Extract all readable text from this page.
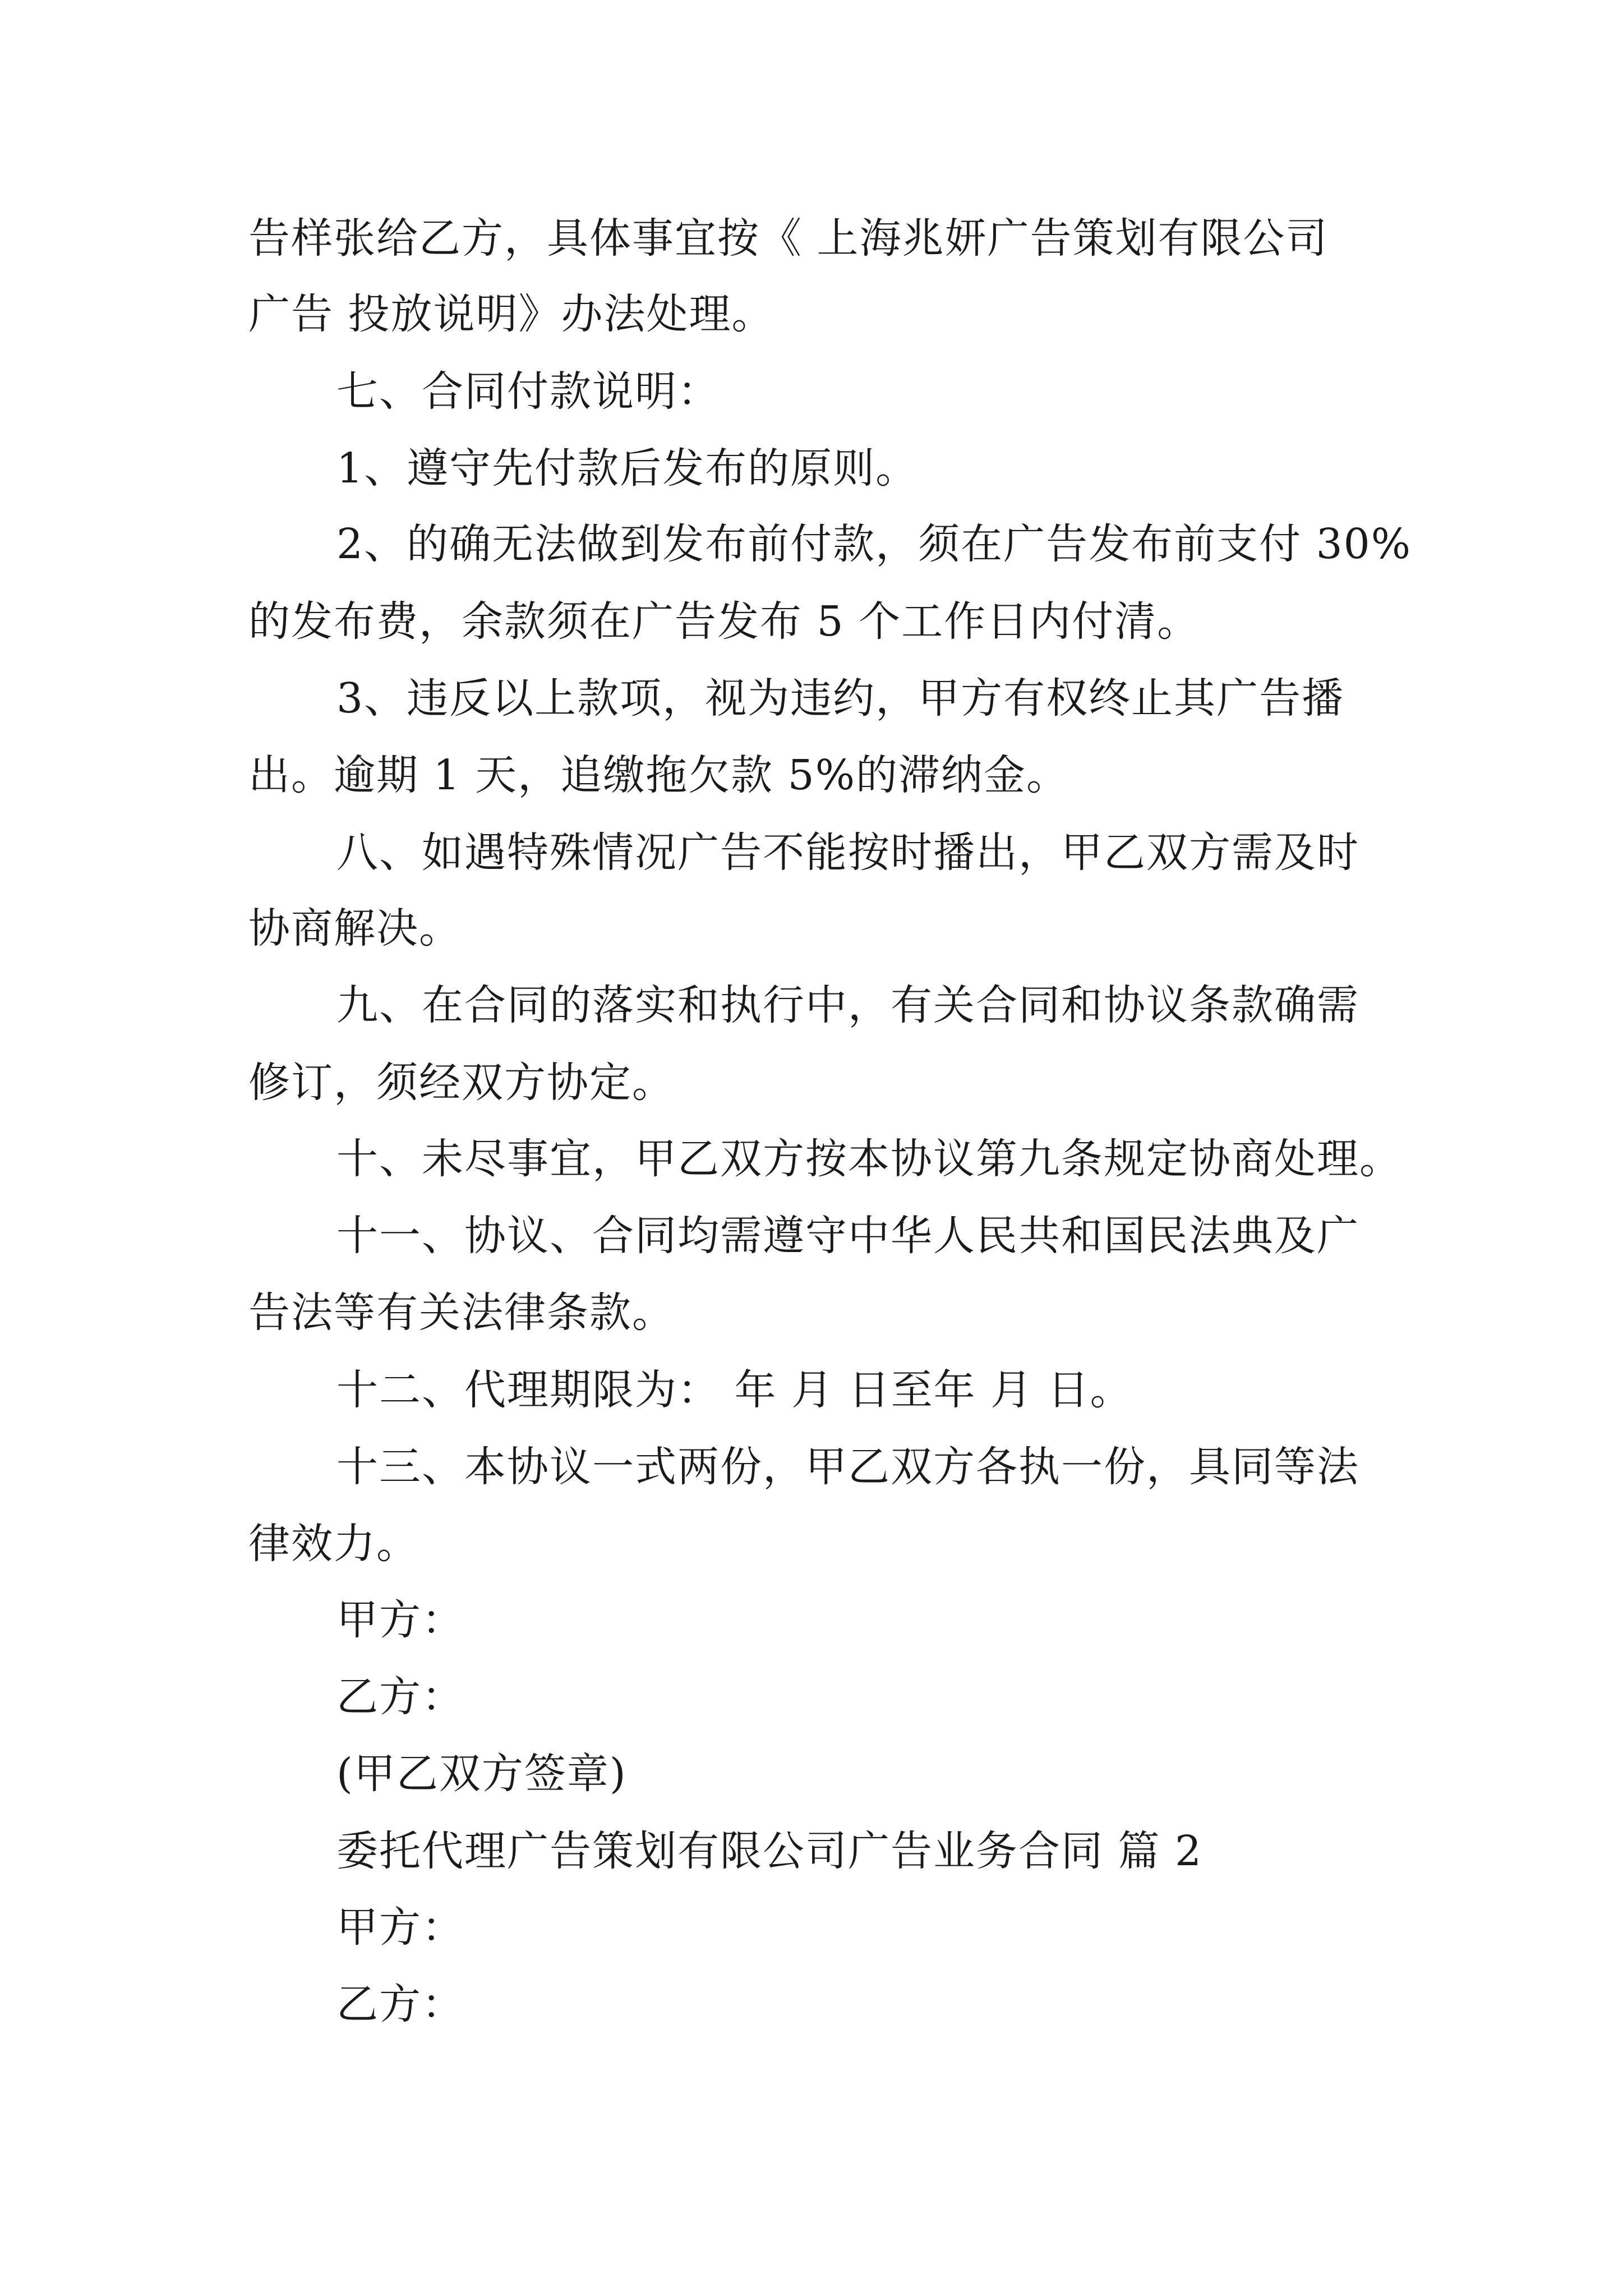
告样张给乙方，具体事宜按《 上海兆妍广告策划有限公司
广告 投放说明》办法处理。
七、合同付款说明：
1、遵守先付款后发布的原则。
2、的确无法做到发布前付款，须在广告发布前支付 30%
的发布费，余款须在广告发布 5 个工作日内付清。
3、违反以上款项，视为违约，甲方有权终止其广告播
出。逾期 1 天，追缴拖欠款 5%的滞纳金。
八、如遇特殊情况广告不能按时播出，甲乙双方需及时
协商解决。
九、在合同的落实和执行中，有关合同和协议条款确需
修订，须经双方协定。
十、未尽事宜，甲乙双方按本协议第九条规定协商处理。
十一、协议、合同均需遵守中华人民共和国民法典及广
告法等有关法律条款。
十二、代理期限为： 年 月 日至年 月 日。
十三、本协议一式两份，甲乙双方各执一份，具同等法
律效力。
甲方：
乙方：
(甲乙双方签章)
委托代理广告策划有限公司广告业务合同 篇 2
甲方：
乙方：
